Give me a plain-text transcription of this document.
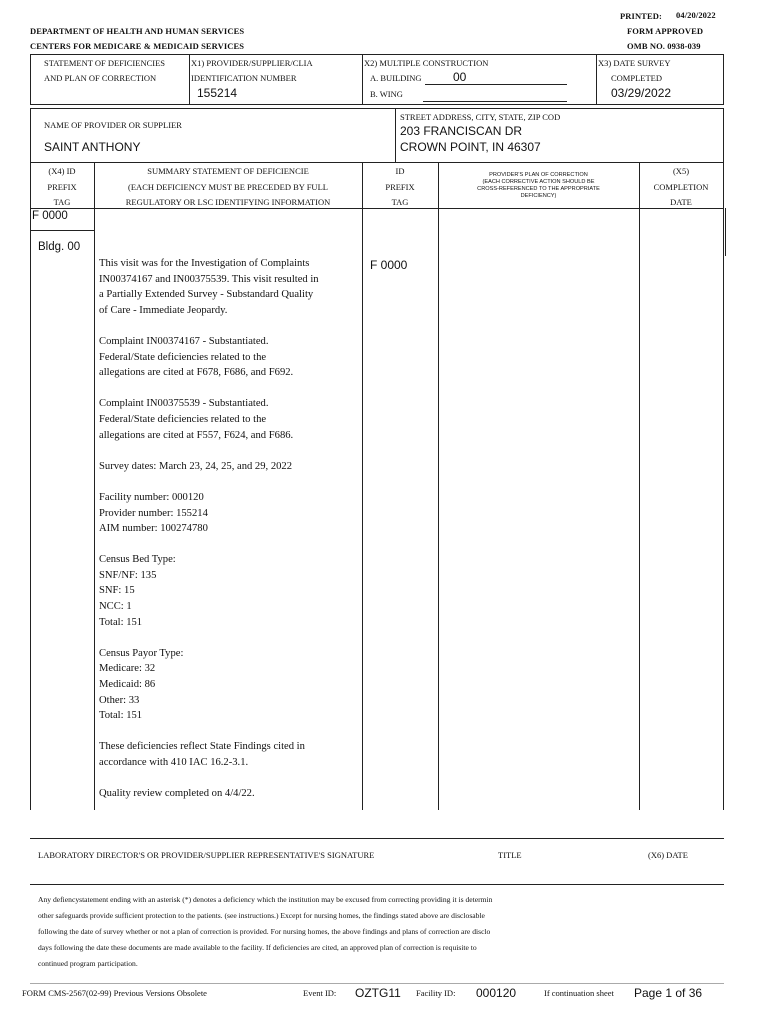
PRINTED: 04/20/2022
DEPARTMENT OF HEALTH AND HUMAN SERVICES	FORM APPROVED
CENTERS FOR MEDICARE & MEDICAID SERVICES	OMB NO. 0938-039
STATEMENT OF DEFICIENCIES
AND PLAN OF CORRECTION
X1) PROVIDER/SUPPLIER/CLIA
IDENTIFICATION NUMBER
155214
X2) MULTIPLE CONSTRUCTION
A. BUILDING	00
B. WING
X3) DATE SURVEY
COMPLETED
03/29/2022
NAME OF PROVIDER OR SUPPLIER
SAINT ANTHONY
STREET ADDRESS, CITY, STATE, ZIP COD
203 FRANCISCAN DR
CROWN POINT, IN 46307
(X4) ID
PREFIX
TAG
SUMMARY STATEMENT OF DEFICIENCIE
(EACH DEFICIENCY MUST BE PRECEDED BY FULL
REGULATORY OR LSC IDENTIFYING INFORMATION
ID
PREFIX
TAG
PROVIDER'S PLAN OF CORRECTION
(EACH CORRECTIVE ACTION SHOULD BE
CROSS-REFERENCED TO THE APPROPRIATE
DEFICIENCY)
(X5)
COMPLETION
DATE
F 0000
Bldg. 00
F 0000
This visit was for the Investigation of Complaints
IN00374167 and IN00375539. This visit resulted in
a Partially Extended Survey - Substandard Quality
of Care - Immediate Jeopardy.
Complaint IN00374167 - Substantiated.
Federal/State deficiencies related to the
allegations are cited at F678, F686, and F692.
Complaint IN00375539 - Substantiated.
Federal/State deficiencies related to the
allegations are cited at F557, F624, and F686.
Survey dates: March 23, 24, 25, and 29, 2022
Facility number: 000120
Provider number: 155214
AIM number: 100274780
Census Bed Type:
SNF/NF: 135
SNF: 15
NCC: 1
Total: 151
Census Payor Type:
Medicare: 32
Medicaid: 86
Other: 33
Total: 151
These deficiencies reflect State Findings cited in
accordance with 410 IAC 16.2-3.1.
Quality review completed on 4/4/22.
LABORATORY DIRECTOR'S OR PROVIDER/SUPPLIER REPRESENTATIVE'S SIGNATURE	TITLE	(X6) DATE
Any defiencystatement ending with an asterisk (*) denotes a deficiency which the institution may be excused from correcting providing it is determin
other safeguards provide sufficient protection to the patients. (see instructions.) Except for nursing homes, the findings stated above are disclosable
following the date of survey whether or not a plan of correction is provided. For nursing homes, the above findings and plans of correction are disclo
days following the date these documents are made available to the facility. If deficiencies are cited, an approved plan of correction is requisite to
continued program participation.
FORM CMS-2567(02-99) Previous Versions Obsolete	Event ID: OZTG11 Facility ID: 000120	If continuation sheet Page 1 of 36
